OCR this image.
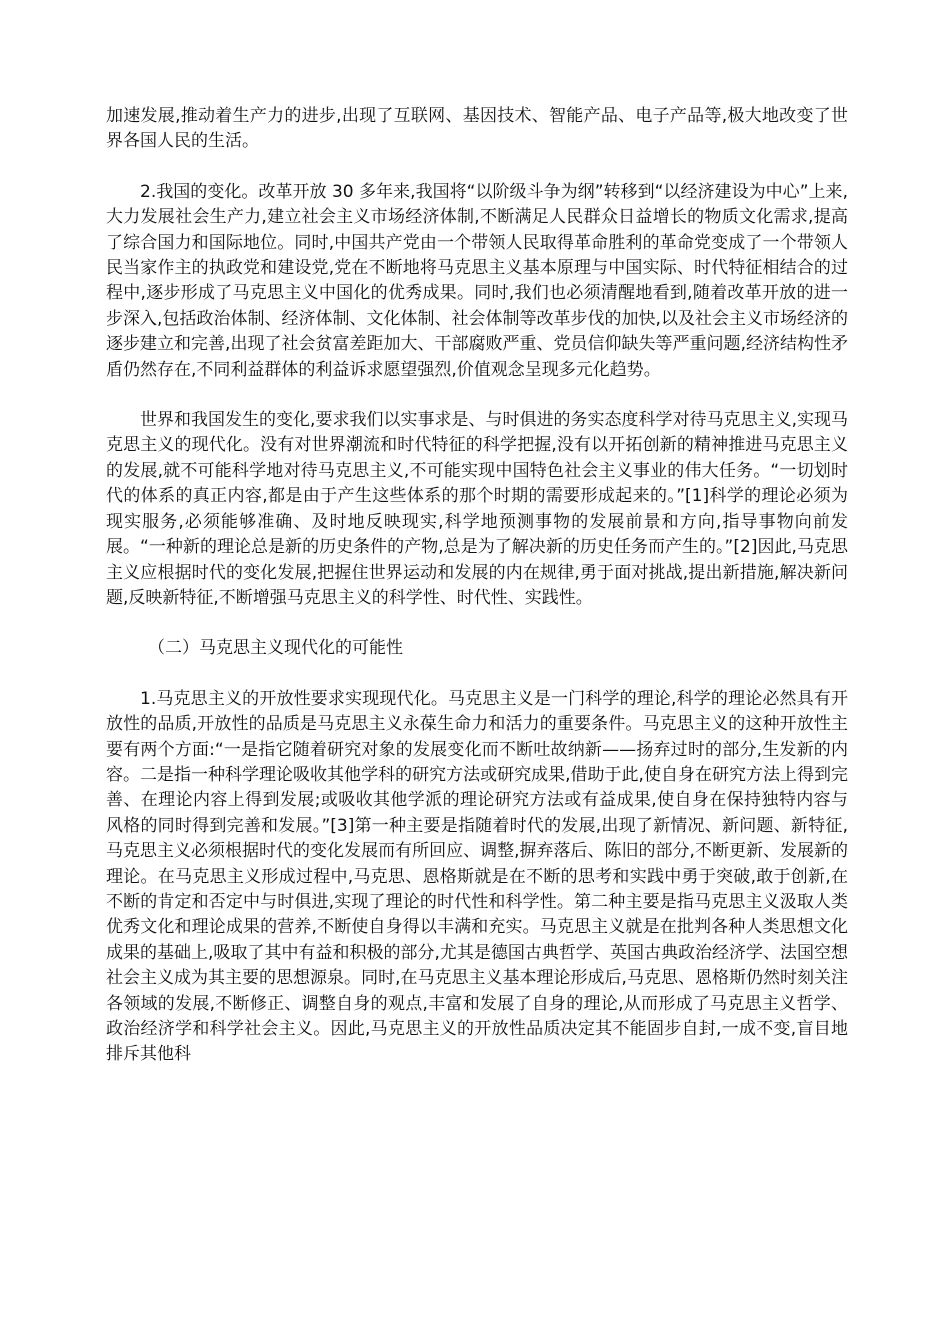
加速发展,推动着生产力的进步,出现了互联网、基因技术、智能产品、电子产品等,极大地改变了世界各国人民的生活。

2.我国的变化。改革开放 30 多年来,我国将“以阶级斗争为纲”转移到“以经济建设为中心”上来,大力发展社会生产力,建立社会主义市场经济体制,不断满足人民群众日益增长的物质文化需求,提高了综合国力和国际地位。同时,中国共产党由一个带领人民取得革命胜利的革命党变成了一个带领人民当家作主的执政党和建设党,党在不断地将马克思主义基本原理与中国实际、时代特征相结合的过程中,逐步形成了马克思主义中国化的优秀成果。同时,我们也必须清醒地看到,随着改革开放的进一步深入,包括政治体制、经济体制、文化体制、社会体制等改革步伐的加快,以及社会主义市场经济的逐步建立和完善,出现了社会贫富差距加大、干部腐败严重、党员信仰缺失等严重问题,经济结构性矛盾仍然存在,不同利益群体的利益诉求愿望强烈,价值观念呈现多元化趋势。

世界和我国发生的变化,要求我们以实事求是、与时俱进的务实态度科学对待马克思主义,实现马克思主义的现代化。没有对世界潮流和时代特征的科学把握,没有以开拓创新的精神推进马克思主义的发展,就不可能科学地对待马克思主义,不可能实现中国特色社会主义事业的伟大任务。“一切划时代的体系的真正内容,都是由于产生这些体系的那个时期的需要形成起来的。”[1]科学的理论必须为现实服务,必须能够准确、及时地反映现实,科学地预测事物的发展前景和方向,指导事物向前发展。“一种新的理论总是新的历史条件的产物,总是为了解决新的历史任务而产生的。”[2]因此,马克思主义应根据时代的变化发展,把握住世界运动和发展的内在规律,勇于面对挑战,提出新措施,解决新问题,反映新特征,不断增强马克思主义的科学性、时代性、实践性。

（二）马克思主义现代化的可能性

1.马克思主义的开放性要求实现现代化。马克思主义是一门科学的理论,科学的理论必然具有开放性的品质,开放性的品质是马克思主义永葆生命力和活力的重要条件。马克思主义的这种开放性主要有两个方面:“一是指它随着研究对象的发展变化而不断吐故纳新——扬弃过时的部分,生发新的内容。二是指一种科学理论吸收其他学科的研究方法或研究成果,借助于此,使自身在研究方法上得到完善、在理论内容上得到发展;或吸收其他学派的理论研究方法或有益成果,使自身在保持独特内容与风格的同时得到完善和发展。”[3]第一种主要是指随着时代的发展,出现了新情况、新问题、新特征,马克思主义必须根据时代的变化发展而有所回应、调整,摒弃落后、陈旧的部分,不断更新、发展新的理论。在马克思主义形成过程中,马克思、恩格斯就是在不断的思考和实践中勇于突破,敢于创新,在不断的肯定和否定中与时俱进,实现了理论的时代性和科学性。第二种主要是指马克思主义汲取人类优秀文化和理论成果的营养,不断使自身得以丰满和充实。马克思主义就是在批判各种人类思想文化成果的基础上,吸取了其中有益和积极的部分,尤其是德国古典哲学、英国古典政治经济学、法国空想社会主义成为其主要的思想源泉。同时,在马克思主义基本理论形成后,马克思、恩格斯仍然时刻关注各领域的发展,不断修正、调整自身的观点,丰富和发展了自身的理论,从而形成了马克思主义哲学、政治经济学和科学社会主义。因此,马克思主义的开放性品质决定其不能固步自封,一成不变,盲目地排斥其他科
